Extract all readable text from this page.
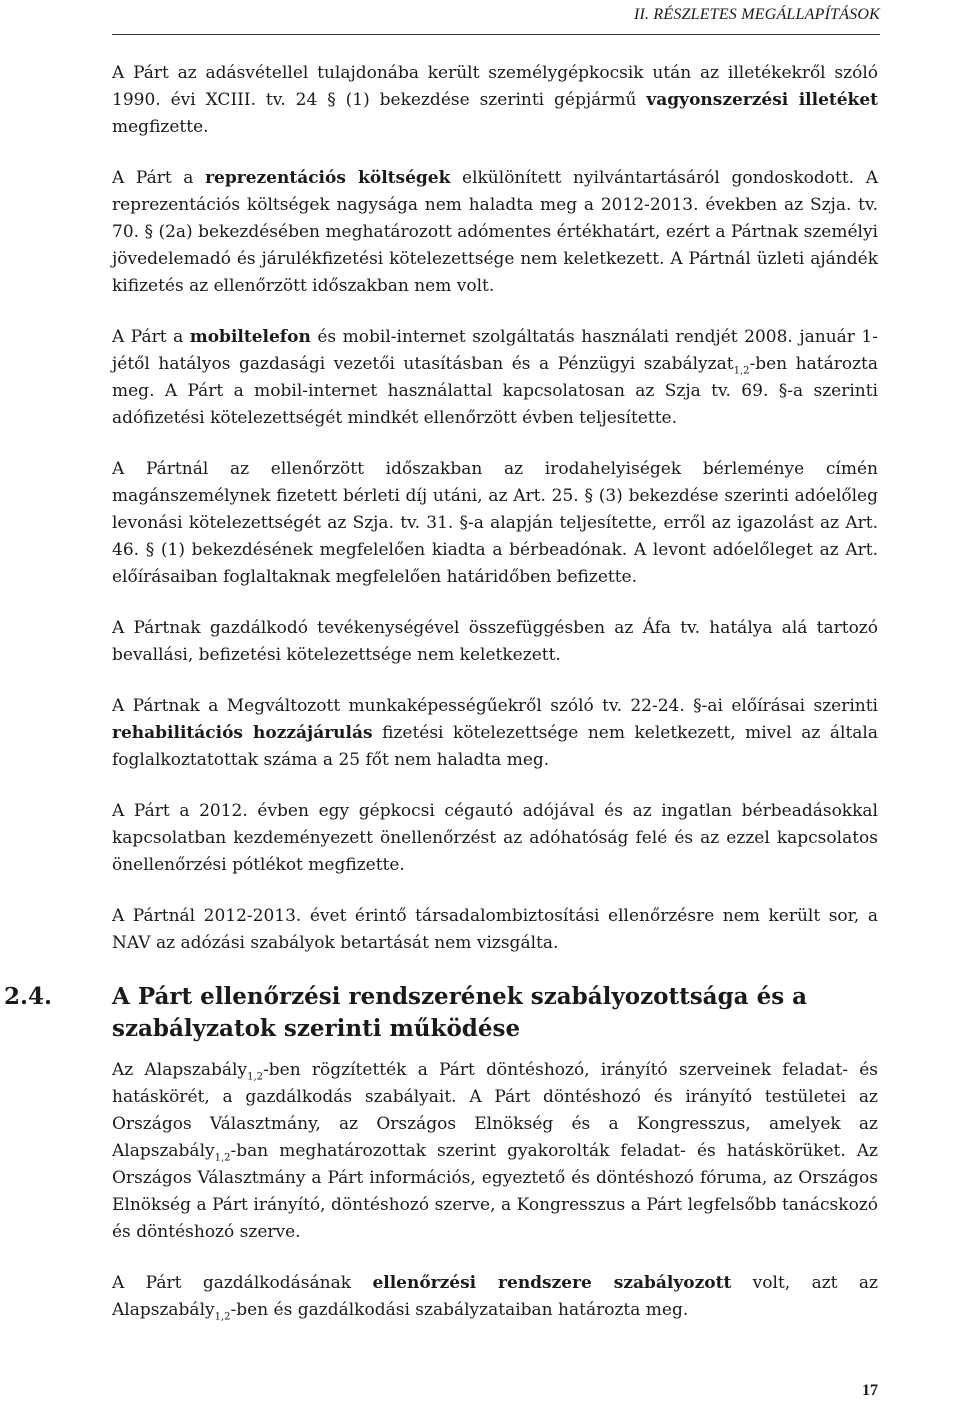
II. RÉSZLETES MEGÁLLAPÍTÁSOK

A Párt az adásvétellel tulajdonába került személygépkocsik után az illetékekről szóló 1990. évi XCIII. tv. 24 § (1) bekezdése szerinti gépjármű vagyonszerzési illetéket megfizette.

A Párt a reprezentációs költségek elkülönített nyilvántartásáról gondoskodott. A reprezentációs költségek nagysága nem haladta meg a 2012-2013. években az Szja. tv. 70. § (2a) bekezdésében meghatározott adómentes értékhatárt, ezért a Pártnak személyi jövedelemadó és járulékfizetési kötelezettsége nem keletkezett. A Pártnál üzleti ajándék kifizetés az ellenőrzött időszakban nem volt.

A Párt a mobiltelefon és mobil-internet szolgáltatás használati rendjét 2008. január 1-jétől hatályos gazdasági vezetői utasításban és a Pénzügyi szabályzat$_{1,2}$-ben határozta meg. A Párt a mobil-internet használattal kapcsolatosan az Szja tv. 69. §-a szerinti adófizetési kötelezettségét mindkét ellenőrzött évben teljesítette.

A Pártnál az ellenőrzött időszakban az irodahelyiségek bérleménye címén magánszemélynek fizetett bérleti díj utáni, az Art. 25. § (3) bekezdése szerinti adóelőleg levonási kötelezettségét az Szja. tv. 31. §-a alapján teljesítette, erről az igazolást az Art. 46. § (1) bekezdésének megfelelően kiadta a bérbeadónak. A levont adóelőleget az Art. előírásaiban foglaltaknak megfelelően határidőben befizette.

A Pártnak gazdálkodó tevékenységével összefüggésben az Áfa tv. hatálya alá tartozó bevallási, befizetési kötelezettsége nem keletkezett.

A Pártnak a Megváltozott munkaképességűekről szóló tv. 22-24. §-ai előírásai szerinti rehabilitációs hozzájárulás fizetési kötelezettsége nem keletkezett, mivel az általa foglalkoztatottak száma a 25 főt nem haladta meg.

A Párt a 2012. évben egy gépkocsi cégautó adójával és az ingatlan bérbeadásokkal kapcsolatban kezdeményezett önellenőrzést az adóhatóság felé és az ezzel kapcsolatos önellenőrzési pótlékot megfizette.

A Pártnál 2012-2013. évet érintő társadalombiztosítási ellenőrzésre nem került sor, a NAV az adózási szabályok betartását nem vizsgálta.

2.4.	A Párt ellenőrzési rendszerének szabályozottsága és a szabályzatok szerinti működése

Az Alapszabály$_{1,2}$-ben rögzítették a Párt döntéshozó, irányító szerveinek feladat- és hatáskörét, a gazdálkodás szabályait. A Párt döntéshozó és irányító testületei az Országos Választmány, az Országos Elnökség és a Kongresszus, amelyek az Alapszabály$_{1,2}$-ban meghatározottak szerint gyakorolták feladat- és hatáskörüket. Az Országos Választmány a Párt információs, egyeztető és döntéshozó fóruma, az Országos Elnökség a Párt irányító, döntéshozó szerve, a Kongresszus a Párt legfelsőbb tanácskozó és döntéshozó szerve.

A Párt gazdálkodásának ellenőrzési rendszere szabályozott volt, azt az Alapszabály$_{1,2}$-ben és gazdálkodási szabályzataiban határozta meg.

17
